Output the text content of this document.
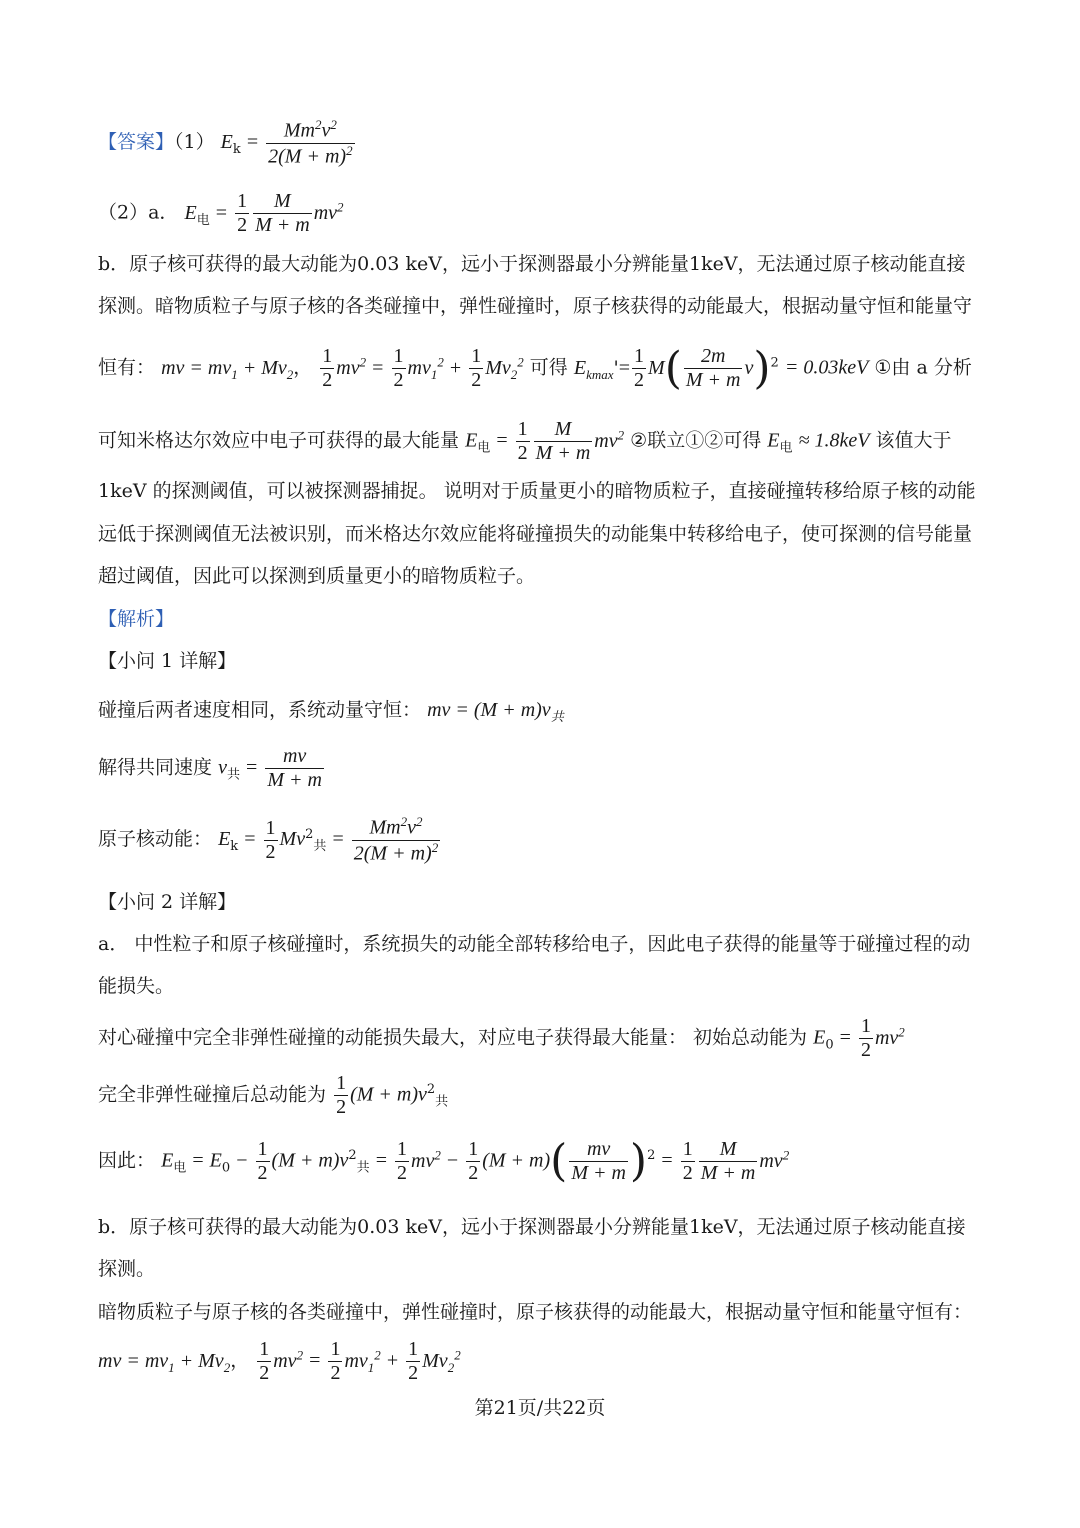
【答案】（1） $E_k = \frac{Mm^2v^2}{2(M + m)^2}$
（2）a． $E_电 = \frac{1}{2} \frac{M}{M + m} mv^2$
b．原子核可获得的最大动能为0.03 keV，远小于探测器最小分辨能量1keV，无法通过原子核动能直接
探测。暗物质粒子与原子核的各类碰撞中，弹性碰撞时，原子核获得的动能最大，根据动量守恒和能量守
恒有： mv = $mv_1 + Mv_2$， $\frac{1}{2} mv^2 = \frac{1}{2} mv_1^2 + \frac{1}{2} Mv_2^2$ 可得 $E_{kmax}'= \frac{1}{2} M( \frac{2m}{M + m} v)^2 = 0.03keV$ ①由 a 分析
可知米格达尔效应中电子可获得的最大能量 $E_电 = \frac{1}{2} \frac{M}{M + m} mv^2$ ②联立①②可得 $E_电 \approx 1.8keV$ 该值大于
1keV 的探测阈值，可以被探测器捕捉。 说明对于质量更小的暗物质粒子，直接碰撞转移给原子核的动能
远低于探测阈值无法被识别，而米格达尔效应能将碰撞损失的动能集中转移给电子，使可探测的信号能量
超过阈值，因此可以探测到质量更小的暗物质粒子。
【解析】
【小问 1 详解】
碰撞后两者速度相同，系统动量守恒： mv = $(M + m)v_共$
解得共同速度 $v_共 = \frac{mv}{M + m}$
原子核动能： $E_k = \frac{1}{2} Mv^2_共 = \frac{Mm^2v^2}{2(M + m)^2}$
【小问 2 详解】
a． 中性粒子和原子核碰撞时，系统损失的动能全部转移给电子，因此电子获得的能量等于碰撞过程的动
能损失。
对心碰撞中完全非弹性碰撞的动能损失最大，对应电子获得最大能量： 初始总动能为 $E_0 = \frac{1}{2} mv^2$
完全非弹性碰撞后总动能为 $\frac{1}{2} (M + m)v^2_共$
因此： $E_电 = E_0 - \frac{1}{2} (M + m)v^2_共 = \frac{1}{2} mv^2 - \frac{1}{2} (M + m)( \frac{mv}{M + m} )^2 = \frac{1}{2} \frac{M}{M + m} mv^2$
b．原子核可获得的最大动能为0.03 keV，远小于探测器最小分辨能量1keV，无法通过原子核动能直接
探测。
暗物质粒子与原子核的各类碰撞中，弹性碰撞时，原子核获得的动能最大，根据动量守恒和能量守恒有：
mv = $mv_1 + Mv_2$， $\frac{1}{2} mv^2 = \frac{1}{2} mv_1^2 + \frac{1}{2} Mv_2^2$
第21页/共22页
